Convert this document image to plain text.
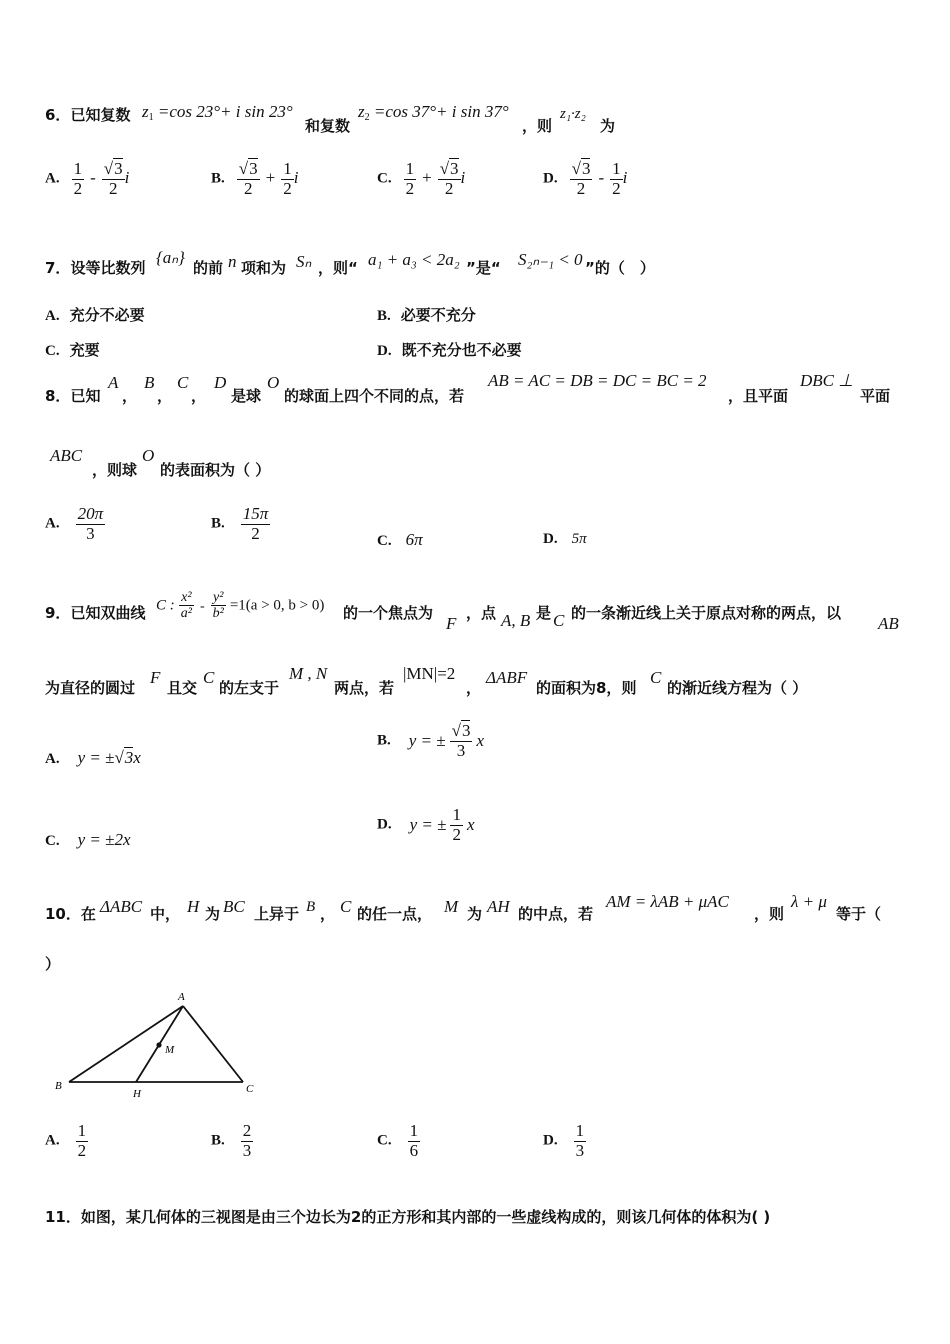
6．已知复数 $z_1 =\cos$ 23°+ i sin 23°
和复数
$z_2 =\cos$ 37°+ i sin 37°
，则
z₁·z₂
为
A. $\frac{1}{2} - \frac{√3}{2}$ i	B. $\frac{√3}{2} + \frac{1}{2}$ i	C. $\frac{1}{2} + \frac{√3}{2}$ i	D. $\frac{√3}{2} - \frac{1}{2}$ i
7．设等比数列
{aₙ}
的前 n 项和为 Sₙ ，则“ a₁ + a₃ < 2a₂ ”是“ S₂ₙ₋₁ < 0 ”的（　）
A. 充分不必要	B. 必要不充分
C. 充要	D. 既不充分也不必要
8．已知
A
，
B
，
C
，
D
是球
O
的球面上四个不同的点，若
AB = AC = DB = DC = BC = 2
，且平面
DBC ⊥
平面
ABC
，则球
O
的表面积为（ ）
A. $\frac{20\pi}{3}$	B. $\frac{15\pi}{2}$	C. 6π	D. 5π
9．已知双曲线 C : $\frac{\text{x²}}{\text{a²}} - \frac{\text{y²}}{\text{b²}} =1(a > 0$, b > 0) 的一个焦点为
F
，点 A, B 是 C 的一条渐近线上关于原点对称的两点，以
AB
为直径的圆过
F
且交
C
的左支于
M , N
两点，若
|MN|=2
，
ΔABF
的面积为8，则
C
的渐近线方程为（ ）
A. y = ±√3x
B. y = ± $\frac{√3}{3}$ x
C. y = ±2x
D. y = ± $\frac{1}{2}$ x
10．在 ΔABC 中， H 为 BC 上异于 B ， C 的任一点， M 为 AH 的中点，若
AM = λAB + μAC
，则
λ + μ
等于（
）
A
B	C
H
M
A. $\frac{1}{2}$	B. $\frac{2}{3}$	C. $\frac{1}{6}$	D. $\frac{1}{3}$
11．如图，某几何体的三视图是由三个边长为2的正方形和其内部的一些虚线构成的，则该几何体的体积为( )
